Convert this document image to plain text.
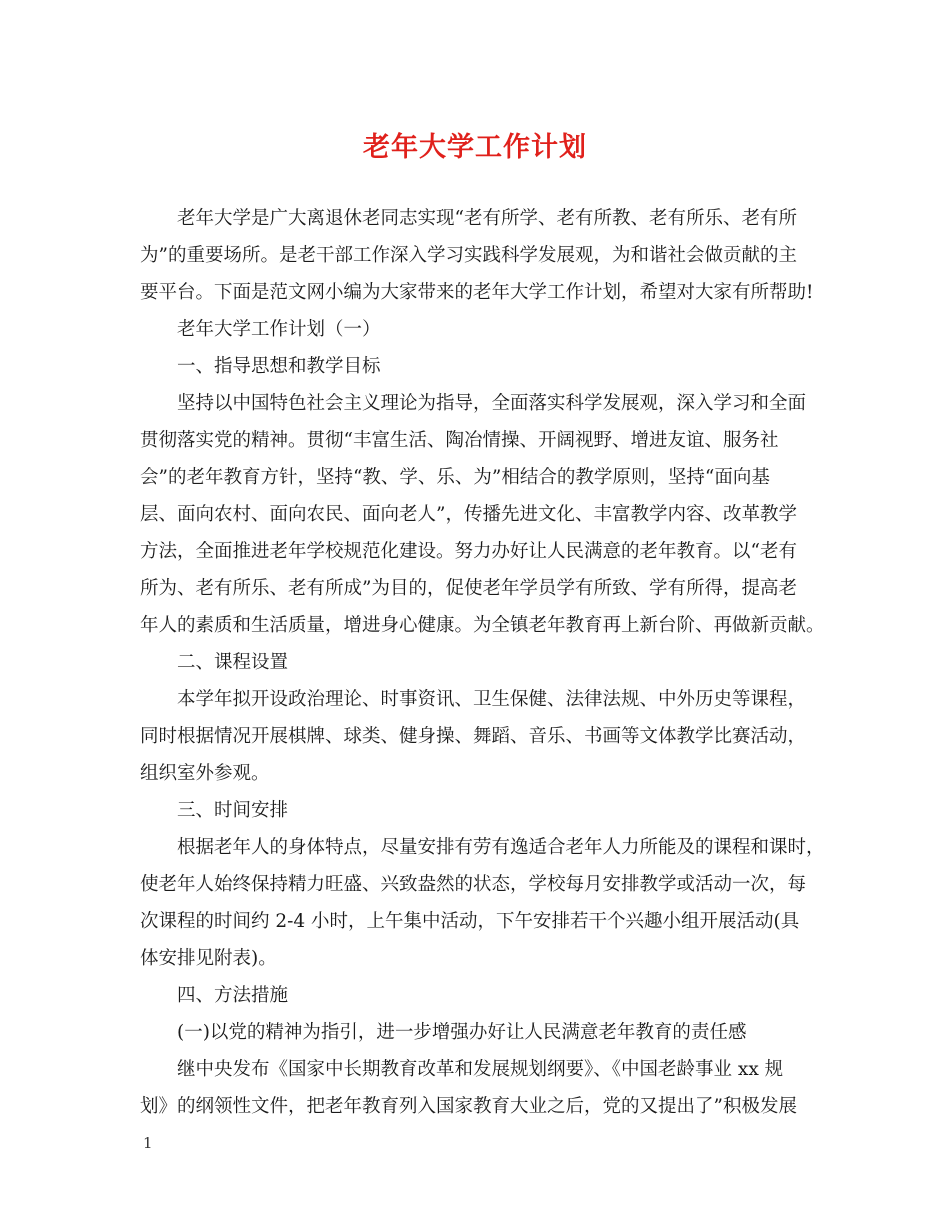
老年大学工作计划
老年大学是广大离退休老同志实现“老有所学、老有所教、老有所乐、老有所
为”的重要场所。是老干部工作深入学习实践科学发展观，为和谐社会做贡献的主
要平台。下面是范文网小编为大家带来的老年大学工作计划，希望对大家有所帮助!
老年大学工作计划（一）
一、指导思想和教学目标
坚持以中国特色社会主义理论为指导，全面落实科学发展观，深入学习和全面
贯彻落实党的精神。贯彻“丰富生活、陶冶情操、开阔视野、增进友谊、服务社
会”的老年教育方针，坚持“教、学、乐、为”相结合的教学原则，坚持“面向基
层、面向农村、面向农民、面向老人”，传播先进文化、丰富教学内容、改革教学
方法，全面推进老年学校规范化建设。努力办好让人民满意的老年教育。以“老有
所为、老有所乐、老有所成”为目的，促使老年学员学有所致、学有所得，提高老
年人的素质和生活质量，增进身心健康。为全镇老年教育再上新台阶、再做新贡献。
二、课程设置
本学年拟开设政治理论、时事资讯、卫生保健、法律法规、中外历史等课程，
同时根据情况开展棋牌、球类、健身操、舞蹈、音乐、书画等文体教学比赛活动，
组织室外参观。
三、时间安排
根据老年人的身体特点，尽量安排有劳有逸适合老年人力所能及的课程和课时，
使老年人始终保持精力旺盛、兴致盎然的状态，学校每月安排教学或活动一次，每
次课程的时间约 2-4 小时，上午集中活动，下午安排若干个兴趣小组开展活动(具
体安排见附表)。
四、方法措施
(一)以党的精神为指引，进一步增强办好让人民满意老年教育的责任感
继中央发布《国家中长期教育改革和发展规划纲要》、《中国老龄事业 xx 规
划》的纲领性文件，把老年教育列入国家教育大业之后，党的又提出了”积极发展
1
